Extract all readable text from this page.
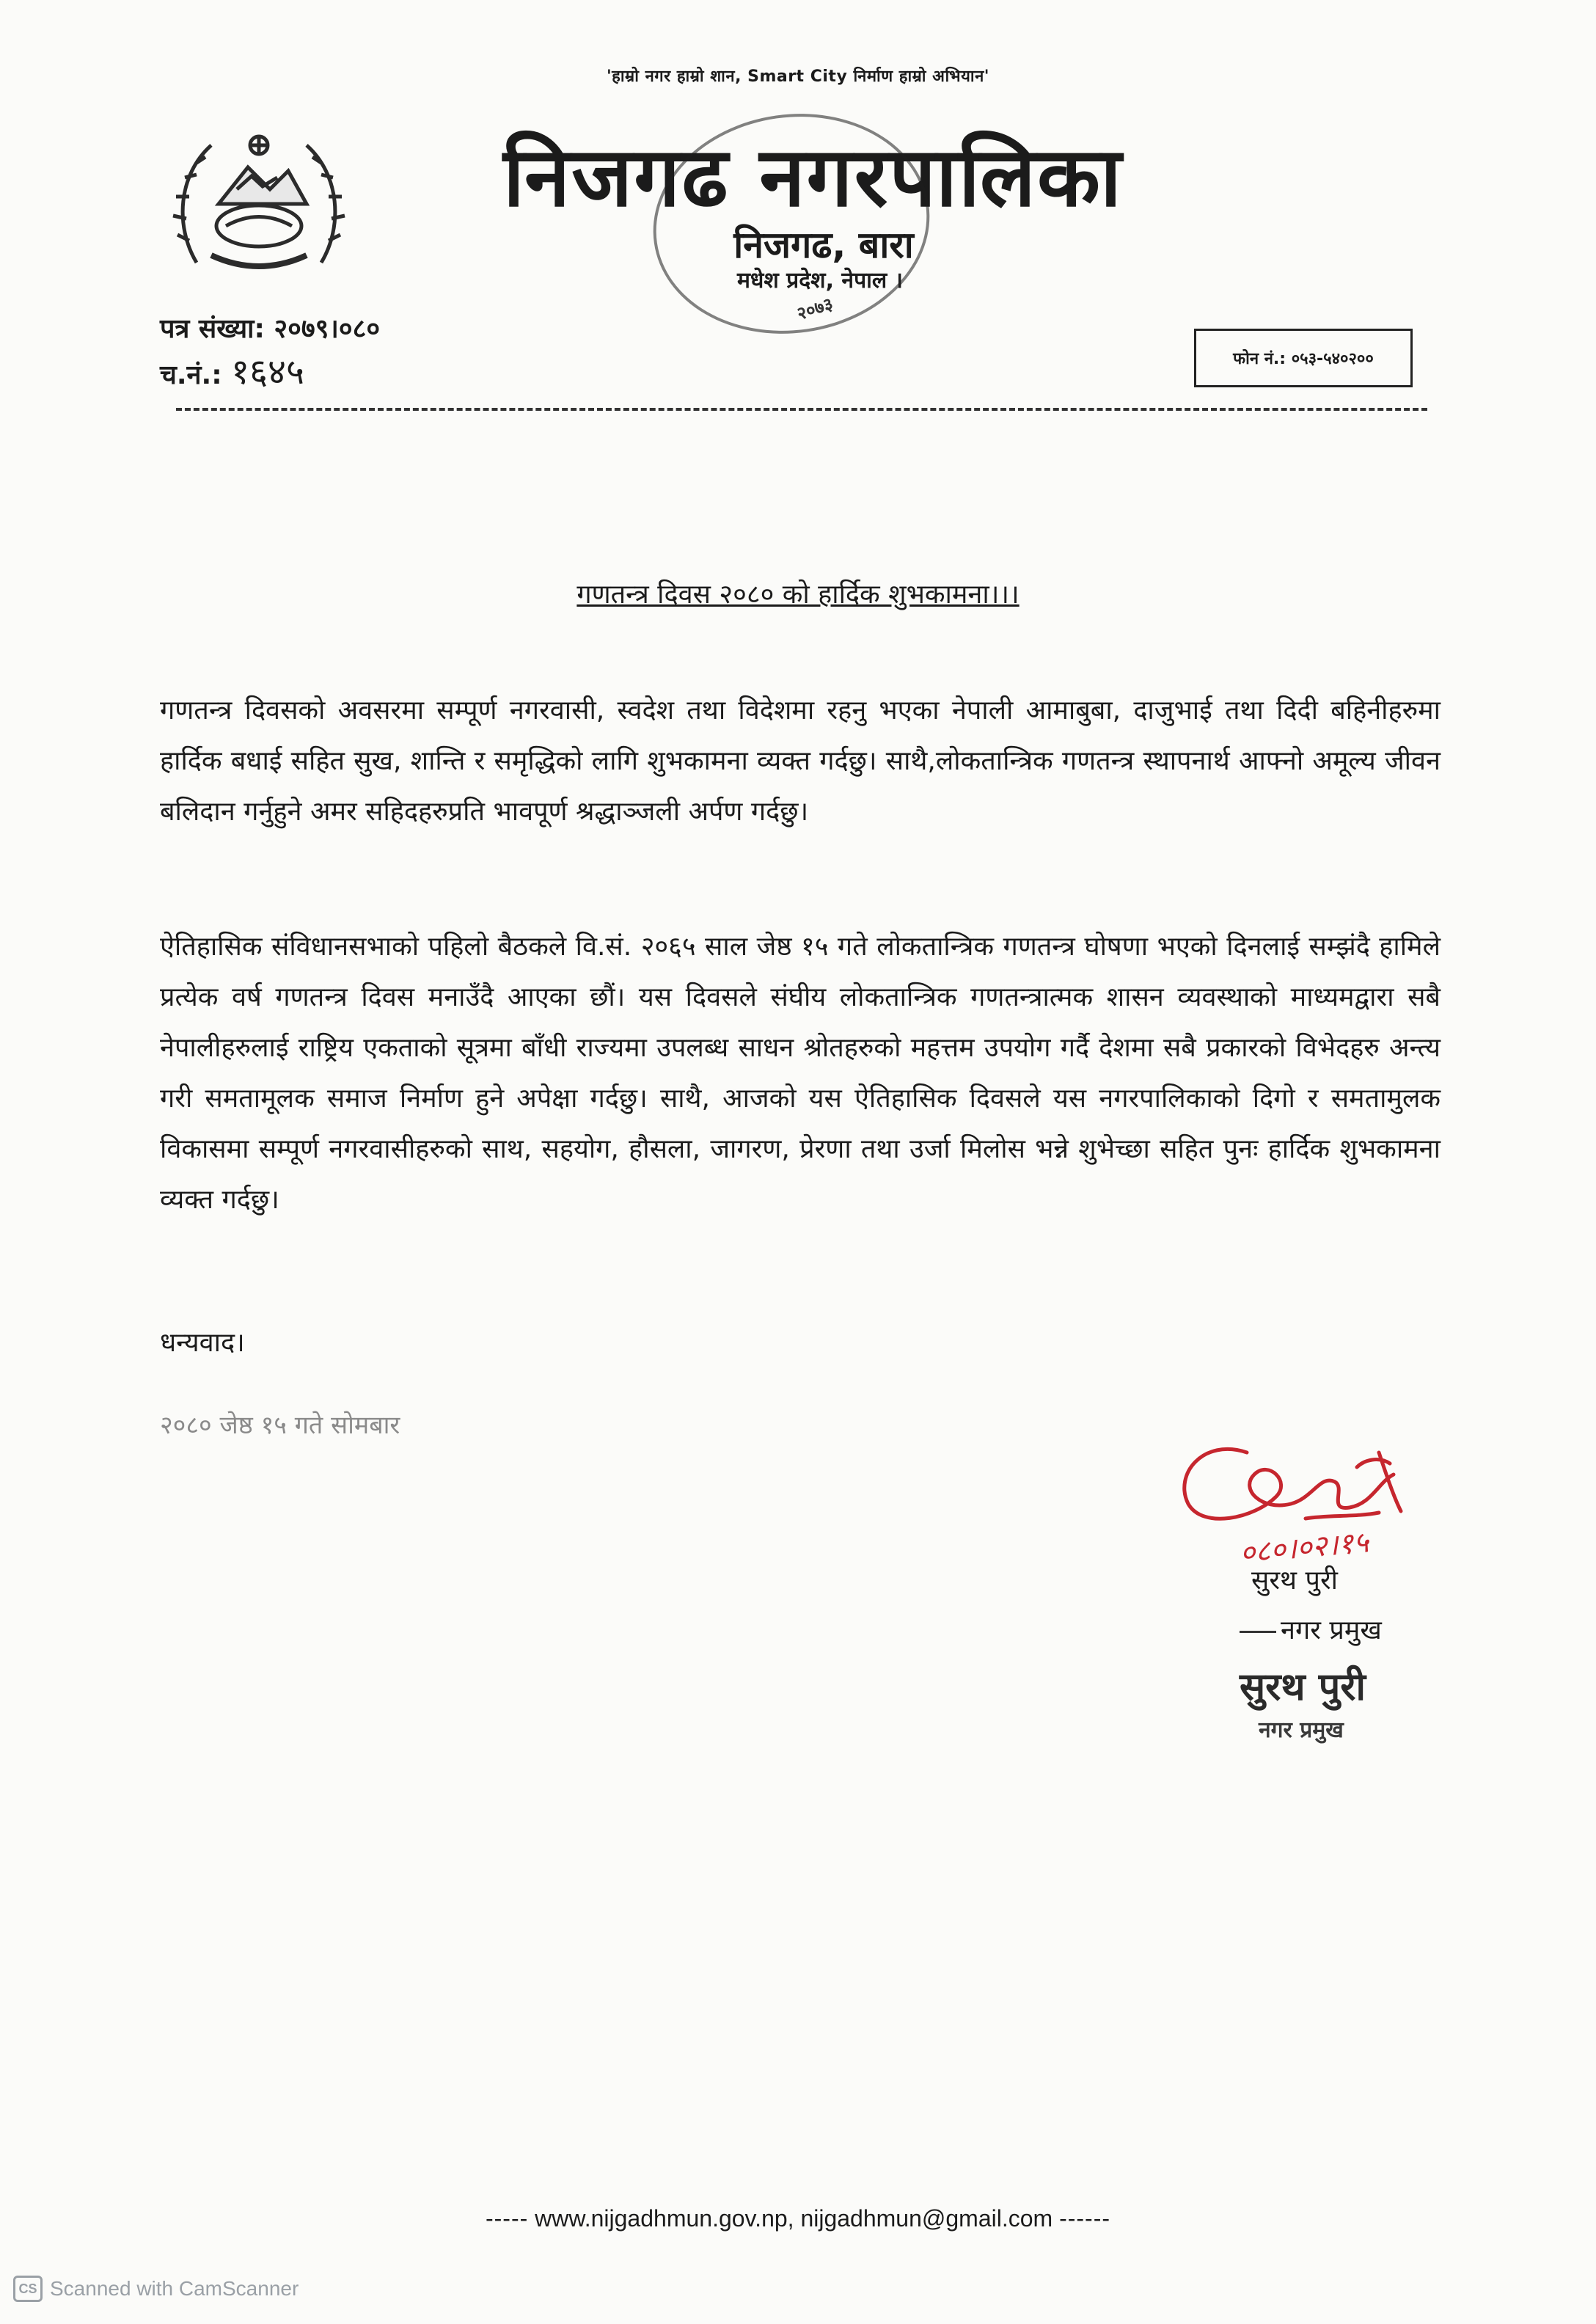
'हाम्रो नगर हाम्रो शान, Smart City निर्माण हाम्रो अभियान'
निजगढ नगरपालिका
निजगढ, बारा
मधेश प्रदेश, नेपाल ।
२०७३
पत्र संख्या: २०७९।०८०
च.नं.: १६४५	फोन नं.: ०५३-५४०२००
गणतन्त्र दिवस २०८० को हार्दिक शुभकामना।।।

गणतन्त्र दिवसको अवसरमा सम्पूर्ण नगरवासी, स्वदेश तथा विदेशमा रहनु भएका नेपाली आमाबुबा, दाजुभाई तथा दिदी बहिनीहरुमा हार्दिक बधाई सहित सुख, शान्ति र समृद्धिको लागि शुभकामना व्यक्त गर्दछु। साथै,लोकतान्त्रिक गणतन्त्र स्थापनार्थ आफ्नो अमूल्य जीवन बलिदान गर्नुहुने अमर सहिदहरुप्रति भावपूर्ण श्रद्धाञ्जली अर्पण गर्दछु।

ऐतिहासिक संविधानसभाको पहिलो बैठकले वि.सं. २०६५ साल जेष्ठ १५ गते लोकतान्त्रिक गणतन्त्र घोषणा भएको दिनलाई सम्झंदै हामिले प्रत्येक वर्ष गणतन्त्र दिवस मनाउँदै आएका छौं। यस दिवसले संघीय लोकतान्त्रिक गणतन्त्रात्मक शासन व्यवस्थाको माध्यमद्वारा सबै नेपालीहरुलाई राष्ट्रिय एकताको सूत्रमा बाँधी राज्यमा उपलब्ध साधन श्रोतहरुको महत्तम उपयोग गर्दै देशमा सबै प्रकारको विभेदहरु अन्त्य गरी समतामूलक समाज निर्माण हुने अपेक्षा गर्दछु। साथै, आजको यस ऐतिहासिक दिवसले यस नगरपालिकाको दिगो र समतामुलक विकासमा सम्पूर्ण नगरवासीहरुको साथ, सहयोग, हौसला, जागरण, प्रेरणा तथा उर्जा मिलोस भन्ने शुभेच्छा सहित पुनः हार्दिक शुभकामना व्यक्त गर्दछु।

धन्यवाद।
२०८० जेष्ठ १५ गते सोमबार
०८०।०२।१५
सुरथ पुरी
नगर प्रमुख
सुरथ पुरी
नगर प्रमुख
----- www.nijgadhmun.gov.np, nijgadhmun@gmail.com ------
CS Scanned with CamScanner
